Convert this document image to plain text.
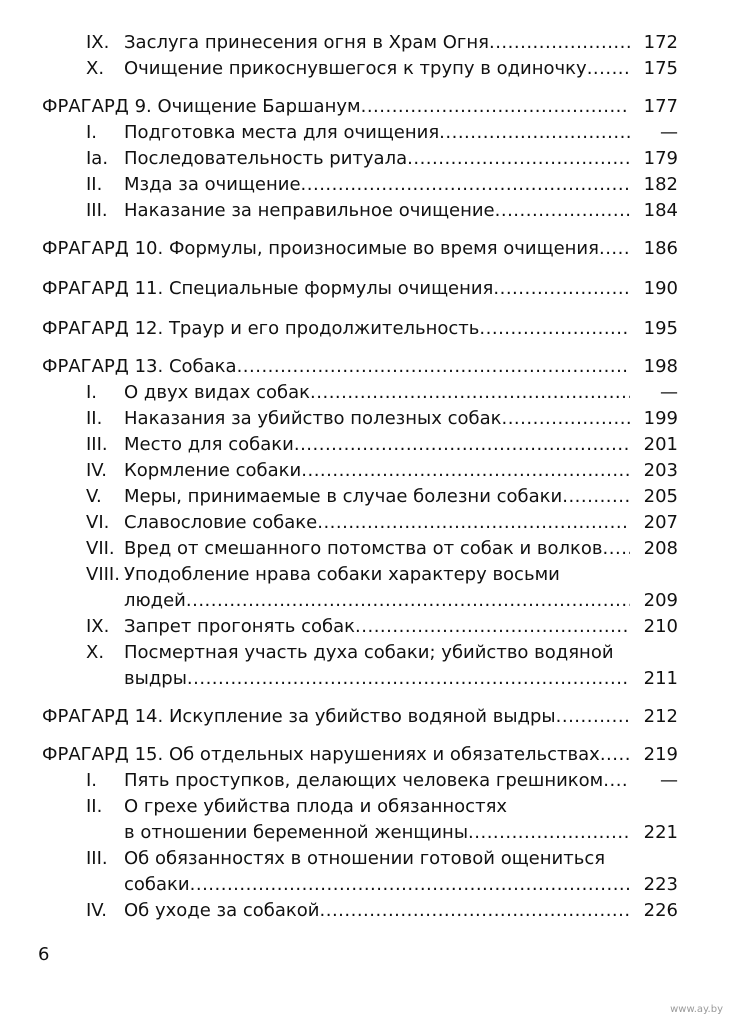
IX. Заслуга принесения огня в Храм Огня .....	172
X. Очищение прикоснувшегося к трупу в одиночку .....	175
ФРАГАРД 9. Очищение Баршанум .....	177
I. Подготовка места для очищения .....	—
Ia. Последовательность ритуала .....	179
II. Мзда за очищение .....	182
III. Наказание за неправильное очищение .....	184
ФРАГАРД 10. Формулы, произносимые во время очищения ..... 186
ФРАГАРД 11. Специальные формулы очищения .....	190
ФРАГАРД 12. Траур и его продолжительность .....	195
ФРАГАРД 13. Собака .....	198
I. О двух видах собак .....	—
II. Наказания за убийство полезных собак .....	199
III. Место для собаки .....	201
IV. Кормление собаки .....	203
V. Меры, принимаемые в случае болезни собаки .....	205
VI. Славословие собаке .....	207
VII. Вред от смешанного потомства от собак и волков ..... 208
VIII. Уподобление нрава собаки характеру восьми
людей .....	209
IX. Запрет прогонять собак .....	210
X. Посмертная участь духа собаки; убийство водяной
выдры .....	211
ФРАГАРД 14. Искупление за убийство водяной выдры .....	212
ФРАГАРД 15. Об отдельных нарушениях и обязательствах ..... 219
I. Пять проступков, делающих человека грешником .....	—
II. О грехе убийства плода и обязанностях
в отношении беременной женщины .....	221
III. Об обязанностях в отношении готовой ощениться
собаки .....	223
IV. Об уходе за собакой .....	226
6
www.ay.by
